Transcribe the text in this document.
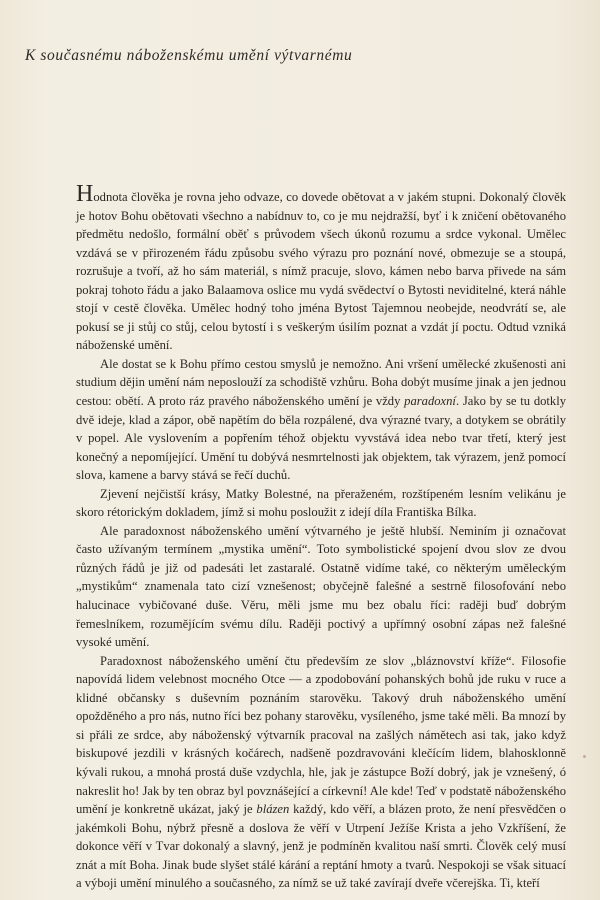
K současnému náboženskému umění výtvarnému

Hodnota člověka je rovna jeho odvaze, co dovede obětovat a v jakém stupni. Dokonalý člověk je hotov Bohu obětovati všechno a nabídnuv to, co je mu nejdražší, byť i k zničení obětovaného předmětu nedošlo, formální oběť s průvodem všech úkonů rozumu a srdce vykonal. Umělec vzdává se v přirozeném řádu způsobu svého výrazu pro poznání nové, obmezuje se a stoupá, rozrušuje a tvoří, až ho sám materiál, s nímž pracuje, slovo, kámen nebo barva přivede na sám pokraj tohoto řádu a jako Balaamova oslice mu vydá svědectví o Bytosti neviditelné, která náhle stojí v cestě člověka. Umělec hodný toho jména Bytost Tajemnou neobejde, neodvrátí se, ale pokusí se ji stůj co stůj, celou bytostí i s veškerým úsilím poznat a vzdát jí poctu. Odtud vzniká náboženské umění.

Ale dostat se k Bohu přímo cestou smyslů je nemožno. Ani vršení umělecké zkušenosti ani studium dějin umění nám neposlouží za schodiště vzhůru. Boha dobýt musíme jinak a jen jednou cestou: obětí. A proto ráz pravého náboženského umění je vždy paradoxní. Jako by se tu dotkly dvě ideje, klad a zápor, obě napětím do běla rozpálené, dva výrazné tvary, a dotykem se obrátily v popel. Ale vyslovením a popřením téhož objektu vyvstává idea nebo tvar třetí, který jest konečný a nepomíjející. Umění tu dobývá nesmrtelnosti jak objektem, tak výrazem, jenž pomocí slova, kamene a barvy stává se řečí duchů.

Zjevení nejčistší krásy, Matky Bolestné, na přeraženém, rozštípeném lesním velikánu je skoro rétorickým dokladem, jímž si mohu posloužit z idejí díla Františka Bílka.

Ale paradoxnost náboženského umění výtvarného je ještě hlubší. Neminím ji označovat často užívaným termínem „mystika umění“. Toto symbolistické spojení dvou slov ze dvou různých řádů je již od padesáti let zastaralé. Ostatně vidíme také, co některým uměleckým „mystikům“ znamenala tato cizí vznešenost; obyčejně falešné a sestrně filosofování nebo halucinace vybičované duše. Věru, měli jsme mu bez obalu říci: raději buď dobrým řemeslníkem, rozumějícím svému dílu. Raději poctivý a upřímný osobní zápas než falešné vysoké umění.

Paradoxnost náboženského umění čtu především ze slov „bláznovství kříže“. Filosofie napovídá lidem velebnost mocného Otce — a zpodobování pohanských bohů jde ruku v ruce a klidné občansky s duševním poznáním starověku. Takový druh náboženského umění opožděného a pro nás, nutno říci bez pohany starověku, vysíleného, jsme také měli. Ba mnozí by si přáli ze srdce, aby náboženský výtvarník pracoval na zašlých námětech asi tak, jako když biskupové jezdili v krásných kočárech, nadšeně pozdravováni klečícím lidem, blahosklonně kývali rukou, a mnohá prostá duše vzdychla, hle, jak je zástupce Boží dobrý, jak je vznešený, ó nakreslit ho! Jak by ten obraz byl povznášející a církevní! Ale kde! Teď v podstatě náboženského umění je konkretně ukázat, jaký je blázen každý, kdo věří, a blázen proto, že není přesvědčen o jakémkoli Bohu, nýbrž přesně a doslova že věří v Utrpení Ježíše Krista a jeho Vzkříšení, že dokonce věří v Tvar dokonalý a slavný, jenž je podmíněn kvalitou naší smrti. Člověk celý musí znát a mít Boha. Jinak bude slyšet stálé kárání a reptání hmoty a tvarů. Nespokoji se však situací a výboji umění minulého a současného, za nímž se už také zavírají dveře včerejška. Ti, kteří
